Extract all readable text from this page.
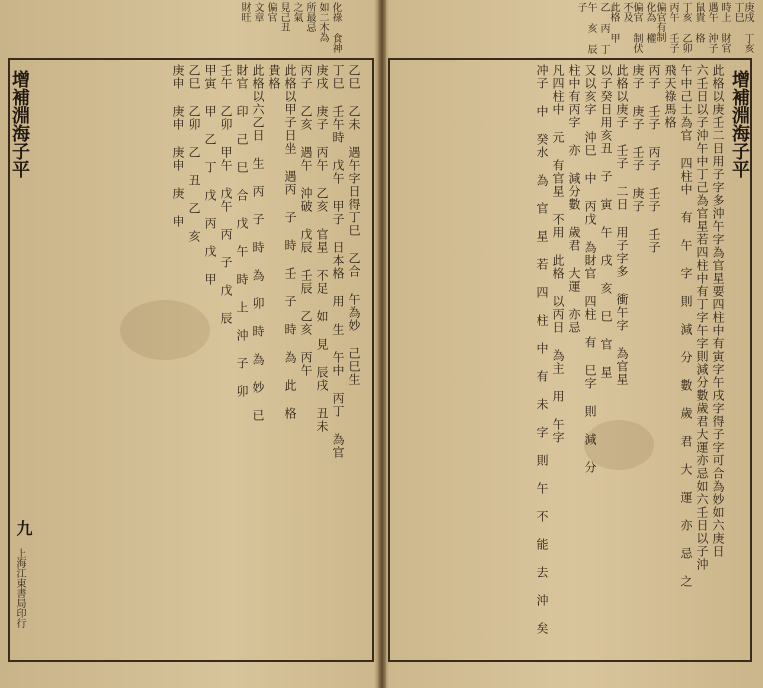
化祿 食神
如二木為
所最忌
之氣
見己丑
偏官
文章
財旺
乙巳 乙未 遇午字日得丁巳 乙合 午為妙 己巳生
丁巳 壬午時 戊午 甲子 日本格 用 生 午中 丙丁 為官
庚戌 庚子 丙午 乙亥 官星 不足 如 見 辰戌 丑未
丙子 乙亥 遇午 沖破 戊辰 壬辰 乙亥 丙午
此格以甲子日坐 遇丙 子 時 壬 子 時 為 此 格
貴格
此格以六乙日 生 丙 子 時 為 卯 時 為 妙 已
財官 印 己 巳 合 戊 午 時 上 沖 子 卯
壬午 乙卯 甲午 戊午 丙 子 戊 辰
甲寅 甲 乙 丁 戊 丙 戊 甲
乙巳 乙卯 乙 丑 乙 亥
庚申 庚申 庚申 庚 申
增補淵海子平
九
上海江東書局印行
庚戌 丁亥 丁巳
時上 財官
遇午 沖子
鼠貴 格
丁亥 乙卯
丙午 壬子
偏官有制 化為 權
偏官 制伏 不及
此格 甲 乙 丙 丁
午 亥 辰 子
此格以庚壬二日用子字多沖午字為官星要四柱中有寅字午戌字得子字可合為妙如六庚日
六壬日以子沖午中丁己為官星若四柱中有丁字午字則減分數歲君大運亦忌如六壬日以子沖
午中己土為官 四柱中 有 午 字 則 減 分 數 歲 君 大 運 亦 忌 之
飛天祿馬格
丙子 壬子 丙子 壬子 壬子
庚子 庚子 壬子 庚子
此格以庚子 壬子 二日 用子字多 衝午字 為官星
以子癸日用亥丑 子 寅 午 戌 亥 巳 官 星
又以亥字 沖巳 中 丙戊 為財官 四柱 有 巳字 則 減 分
柱中有丙字 亦 減分數 歲君 大運 亦忌
凡四柱中 元 有官星 不用 此格 以丙日 為主 用 午字
冲子 中 癸水 為 官 星 若 四 柱 中 有 未 字 則 午 不 能 去 沖 矣	增補淵海子平
